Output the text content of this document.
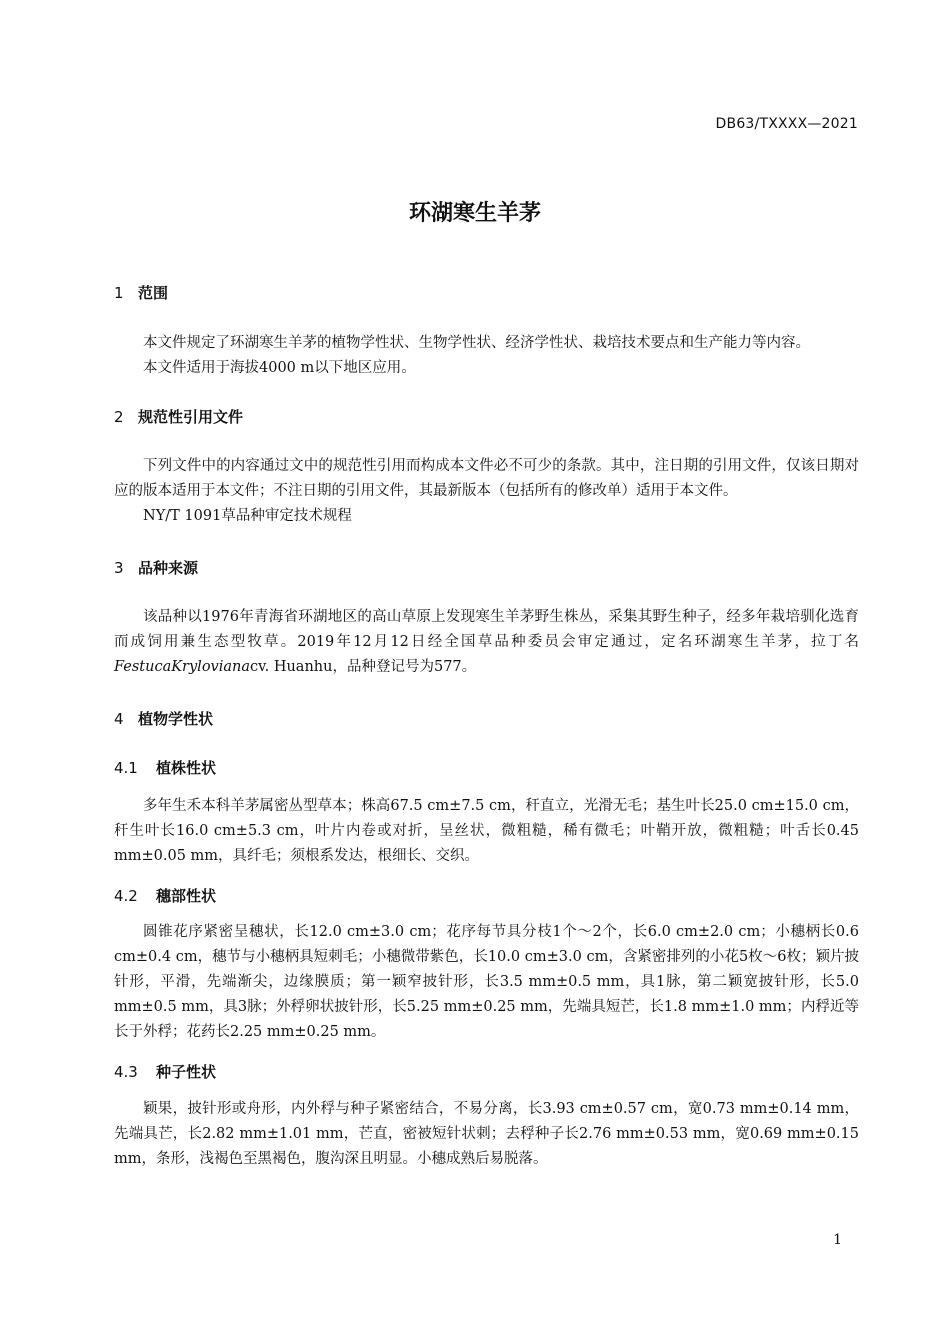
DB63/TXXXX—2021
环湖寒生羊茅
1 范围

本文件规定了环湖寒生羊茅的植物学性状、生物学性状、经济学性状、栽培技术要点和生产能力等内容。

本文件适用于海拔4000 m以下地区应用。

2 规范性引用文件

下列文件中的内容通过文中的规范性引用而构成本文件必不可少的条款。其中，注日期的引用文件，仅该日期对应的版本适用于本文件；不注日期的引用文件，其最新版本（包括所有的修改单）适用于本文件。

NY/T 1091草品种审定技术规程

3 品种来源

该品种以1976年青海省环湖地区的高山草原上发现寒生羊茅野生株丛，采集其野生种子，经多年栽培驯化选育而成饲用兼生态型牧草。2019年12月12日经全国草品种委员会审定通过，定名环湖寒生羊茅，拉丁名FestucaKrylovianacv. Huanhu，品种登记号为577。

4 植物学性状
4.1 植株性状

多年生禾本科羊茅属密丛型草本；株高67.5 cm±7.5 cm，秆直立，光滑无毛；基生叶长25.0 cm±15.0 cm，秆生叶长16.0 cm±5.3 cm，叶片内卷或对折，呈丝状，微粗糙，稀有微毛；叶鞘开放，微粗糙；叶舌长0.45 mm±0.05 mm，具纤毛；须根系发达，根细长、交织。

4.2 穗部性状

圆锥花序紧密呈穗状，长12.0 cm±3.0 cm；花序每节具分枝1个～2个，长6.0 cm±2.0 cm；小穗柄长0.6 cm±0.4 cm，穗节与小穗柄具短刺毛；小穗微带紫色，长10.0 cm±3.0 cm，含紧密排列的小花5枚～6枚；颖片披针形，平滑，先端渐尖，边缘膜质；第一颖窄披针形，长3.5 mm±0.5 mm，具1脉，第二颖宽披针形，长5.0 mm±0.5 mm，具3脉；外稃卵状披针形，长5.25 mm±0.25 mm，先端具短芒，长1.8 mm±1.0 mm；内稃近等长于外稃；花药长2.25 mm±0.25 mm。

4.3 种子性状

颖果，披针形或舟形，内外稃与种子紧密结合，不易分离，长3.93 cm±0.57 cm，宽0.73 mm±0.14 mm，先端具芒，长2.82 mm±1.01 mm，芒直，密被短针状刺；去稃种子长2.76 mm±0.53 mm，宽0.69 mm±0.15 mm，条形，浅褐色至黑褐色，腹沟深且明显。小穗成熟后易脱落。

1
